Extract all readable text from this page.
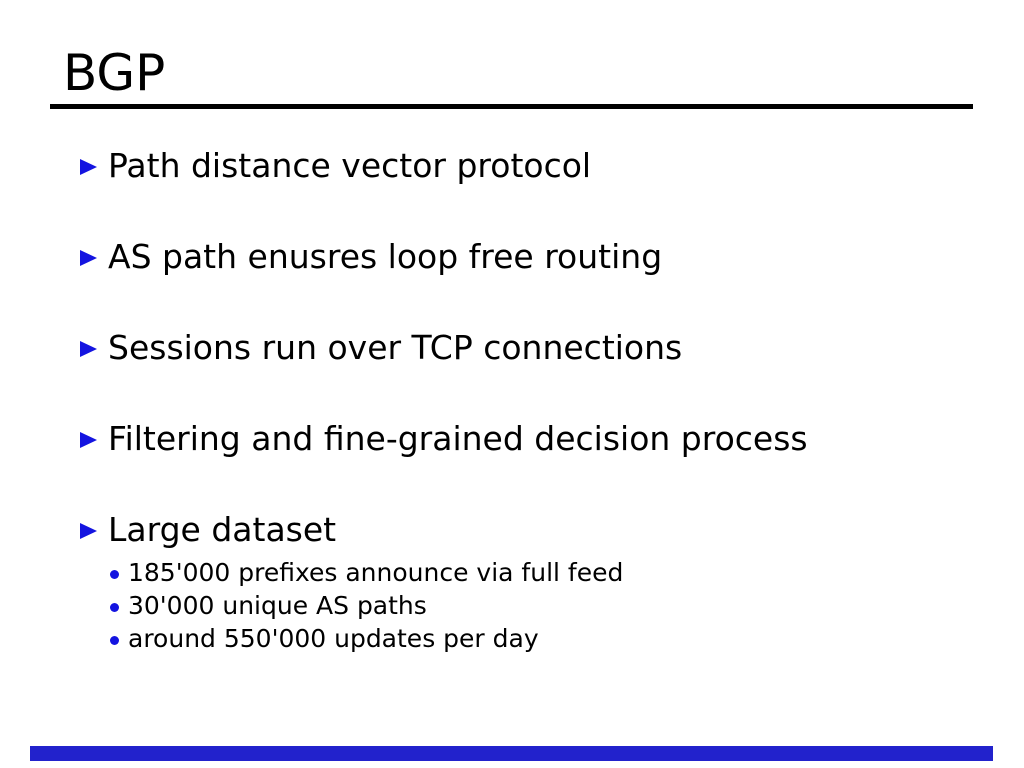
BGP
Path distance vector protocol
AS path enusres loop free routing
Sessions run over TCP connections
Filtering and fine-grained decision process
Large dataset
185'000 prefixes announce via full feed
30'000 unique AS paths
around 550'000 updates per day
